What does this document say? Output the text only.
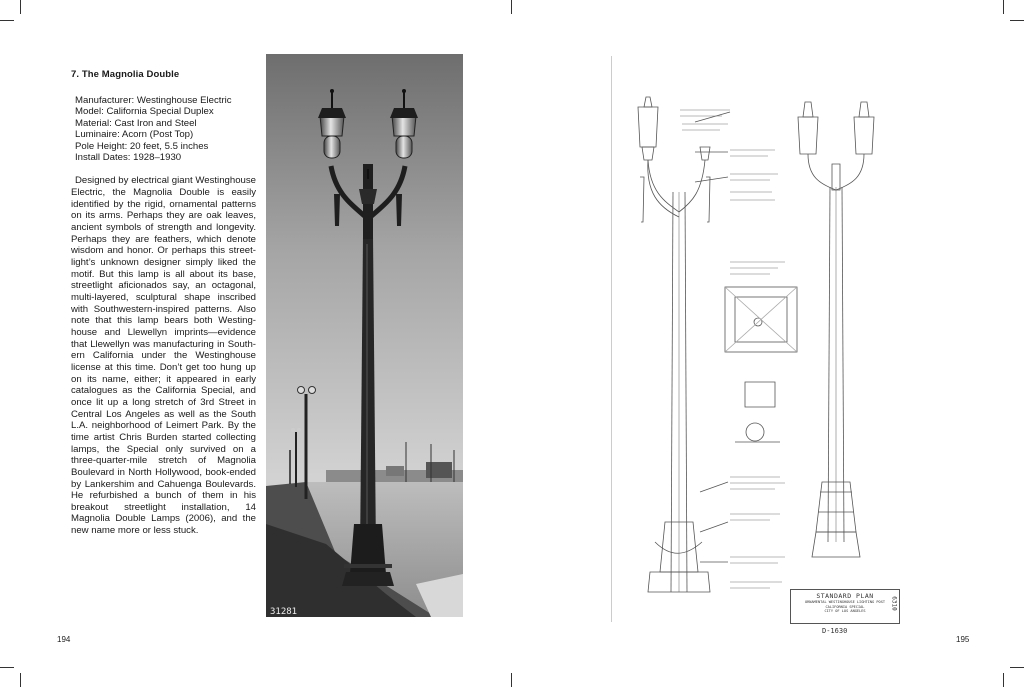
7. The Magnolia Double
Manufacturer: Westinghouse Electric
Model: California Special Duplex
Material: Cast Iron and Steel
Luminaire: Acorn (Post Top)
Pole Height: 20 feet, 5.5 inches
Install Dates: 1928–1930

Designed by electrical giant Westinghouse Electric, the Magnolia Double is easily identified by the rigid, ornamental patterns on its arms. Perhaps they are oak leaves, ancient symbols of strength and longevity. Perhaps they are feathers, which denote wisdom and honor. Or perhaps this streetlight’s unknown designer simply liked the motif. But this lamp is all about its base, streetlight aficionados say, an octagonal, multi-layered, sculptural shape inscribed with Southwestern-inspired patterns. Also note that this lamp bears both Westinghouse and Llewellyn imprints—evidence that Llewellyn was manufacturing in Southern California under the Westinghouse license at this time. Don’t get too hung up on its name, either; it appeared in early catalogues as the California Special, and once lit up a long stretch of 3rd Street in Central Los Angeles as well as the South L.A. neighborhood of Leimert Park. By the time artist Chris Burden started collecting lamps, the Special only survived on a three-quarter-mile stretch of Magnolia Boulevard in North Hollywood, book-ended by Lankershim and Cahuenga Boulevards. He refurbished a bunch of them in his breakout streetlight installation, 14 Magnolia Double Lamps (2006), and the new name more or less stuck.

194
31281
STANDARD PLAN
ORNAMENTAL WESTINGHOUSE LIGHTING POST
CALIFORNIA SPECIAL
CITY OF LOS ANGELES
D-1630
6310
195
